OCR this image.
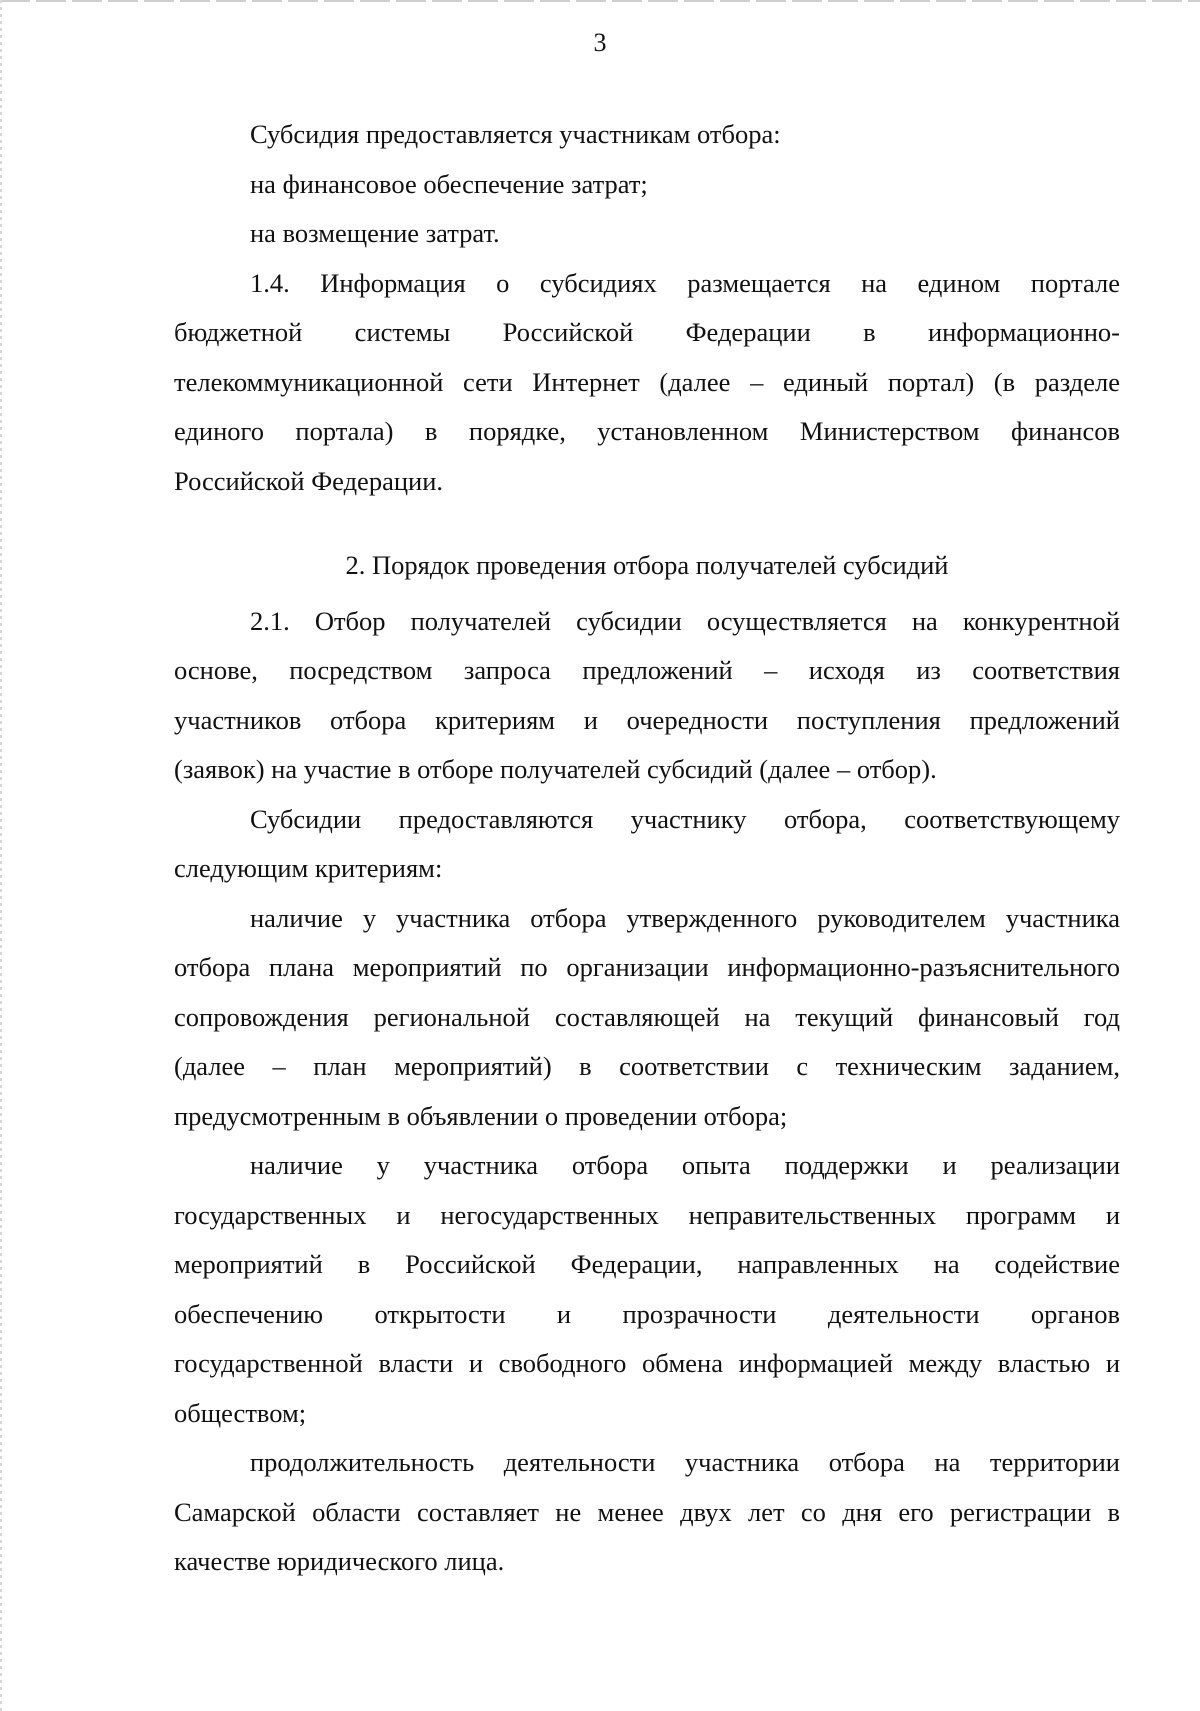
3
Субсидия предоставляется участникам отбора:
на финансовое обеспечение затрат;
на возмещение затрат.
1.4. Информация о субсидиях размещается на едином портале
бюджетной системы Российской Федерации в информационно-
телекоммуникационной сети Интернет (далее – единый портал) (в разделе
единого портала) в порядке, установленном Министерством финансов
Российской Федерации.
2. Порядок проведения отбора получателей субсидий
2.1. Отбор получателей субсидии осуществляется на конкурентной
основе, посредством запроса предложений – исходя из соответствия
участников отбора критериям и очередности поступления предложений
(заявок) на участие в отборе получателей субсидий (далее – отбор).
Субсидии предоставляются участнику отбора, соответствующему
следующим критериям:
наличие у участника отбора утвержденного руководителем участника
отбора плана мероприятий по организации информационно-разъяснительного
сопровождения региональной составляющей на текущий финансовый год
(далее – план мероприятий) в соответствии с техническим заданием,
предусмотренным в объявлении о проведении отбора;
наличие у участника отбора опыта поддержки и реализации
государственных и негосударственных неправительственных программ и
мероприятий в Российской Федерации, направленных на содействие
обеспечению открытости и прозрачности деятельности органов
государственной власти и свободного обмена информацией между властью и
обществом;
продолжительность деятельности участника отбора на территории
Самарской области составляет не менее двух лет со дня его регистрации в
качестве юридического лица.
